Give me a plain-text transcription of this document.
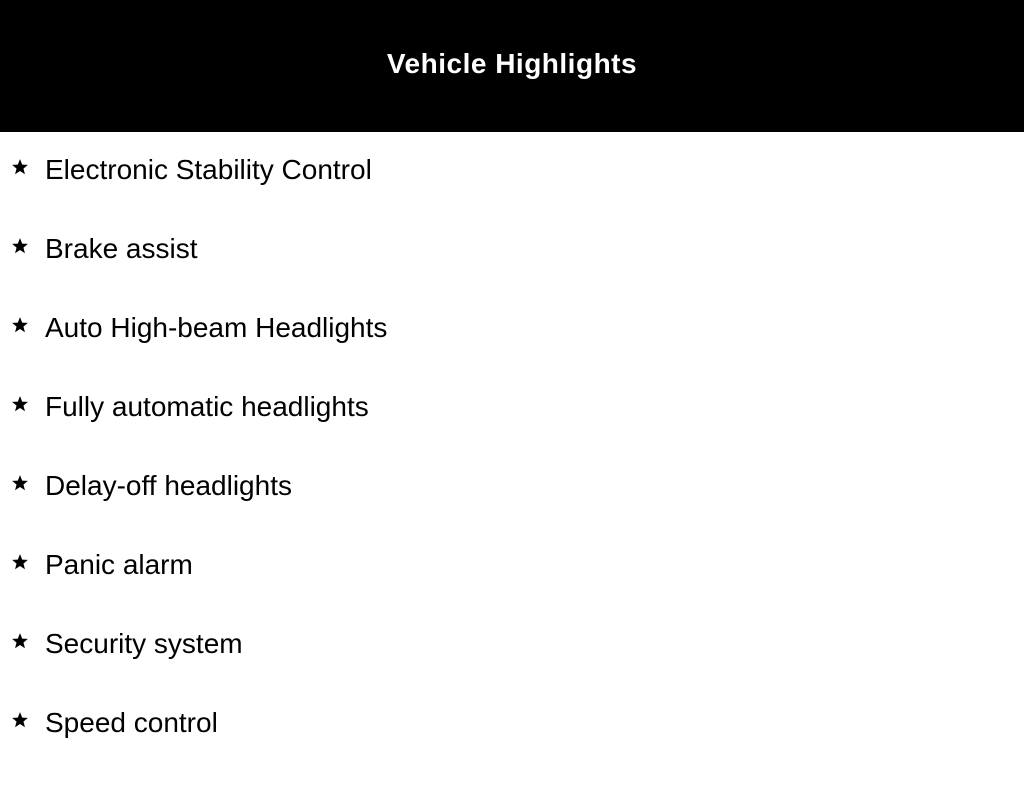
Vehicle Highlights
Electronic Stability Control
Brake assist
Auto High-beam Headlights
Fully automatic headlights
Delay-off headlights
Panic alarm
Security system
Speed control
